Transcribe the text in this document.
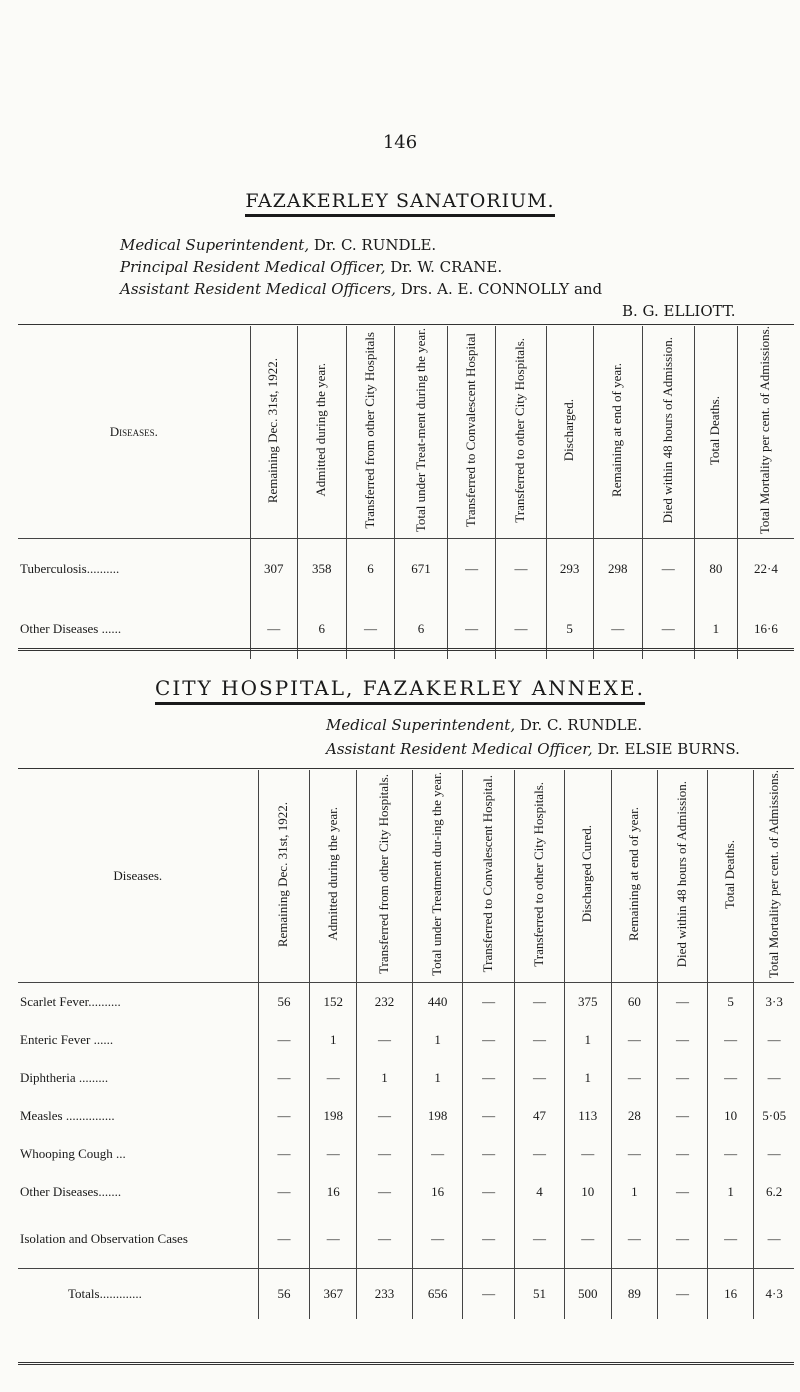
146
FAZAKERLEY SANATORIUM.
Medical Superintendent, Dr. C. RUNDLE.
Principal Resident Medical Officer, Dr. W. CRANE.
Assistant Resident Medical Officers, Drs. A. E. CONNOLLY and
B. G. ELLIOTT.
Diseases.	Remaining Dec. 31st, 1922.	Admitted during the year.	Transferred from other City Hospitals	Total under Treat-ment during the year.	Transferred to Convalescent Hospital	Transferred to other City Hospitals.	Discharged.	Remaining at end of year.	Died within 48 hours of Admission.	Total Deaths.	Total Mortality per cent. of Admissions.
Tuberculosis..........	307	358	6	671	—	—	293	298	—	80	22·4
Other Diseases ......	—	6	—	6	—	—	5	—	—	1	16·6
CITY HOSPITAL, FAZAKERLEY ANNEXE.
Medical Superintendent, Dr. C. RUNDLE.
Assistant Resident Medical Officer, Dr. ELSIE BURNS.
Diseases.	Remaining Dec. 31st, 1922.	Admitted during the year.	Transferred from other City Hospitals.	Total under Treatment dur-ing the year.	Transferred to Convalescent Hospital.	Transferred to other City Hospitals.	Discharged Cured.	Remaining at end of year.	Died within 48 hours of Admission.	Total Deaths.	Total Mortality per cent. of Admissions.
Scarlet Fever..........	56	152	232	440	—	—	375	60	—	5	3·3
Enteric Fever ......	—	1	—	1	—	—	1	—	—	—	—
Diphtheria .........	—	—	1	1	—	—	1	—	—	—	—
Measles ...............	—	198	—	198	—	47	113	28	—	10	5·05
Whooping Cough ...	—	—	—	—	—	—	—	—	—	—	—
Other Diseases.......	—	16	—	16	—	4	10	1	—	1	6.2
Isolation and Observation Cases	—	—	—	—	—	—	—	—	—	—	—
Totals.............	56	367	233	656	—	51	500	89	—	16	4·3
